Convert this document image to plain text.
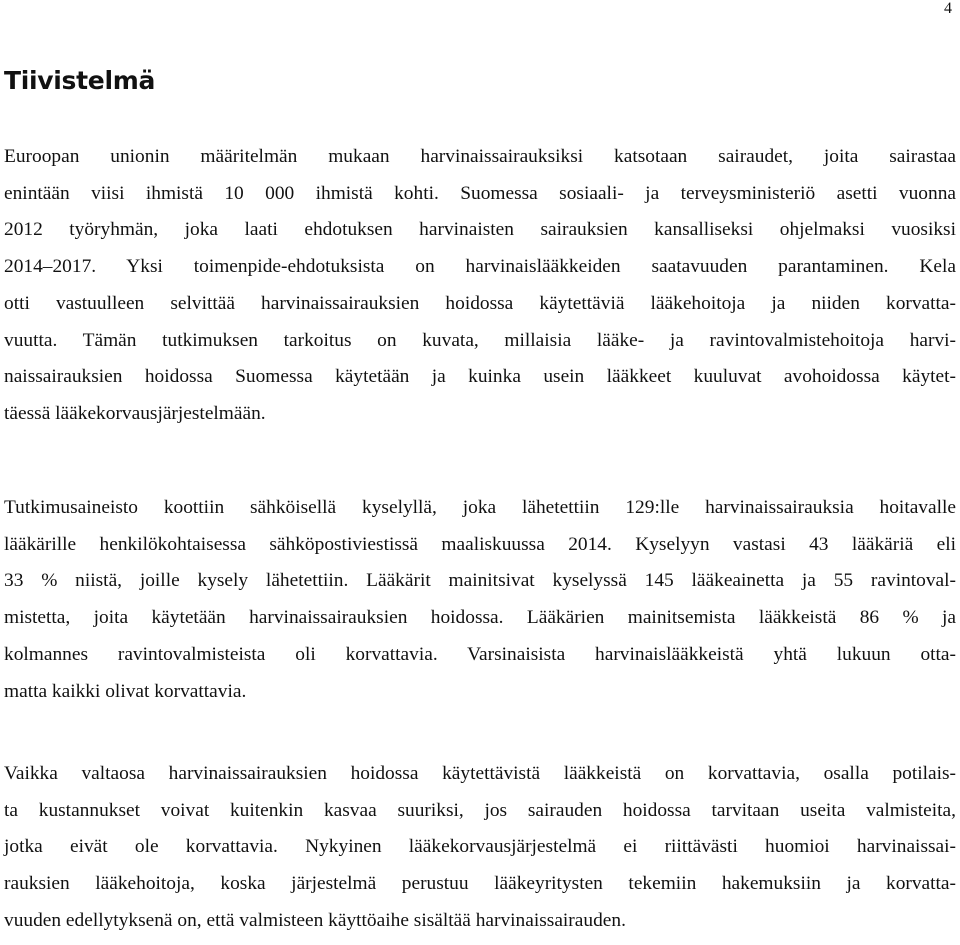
4
Tiivistelmä
Euroopan unionin määritelmän mukaan harvinaissairauksiksi katsotaan sairaudet, joita sairastaa
enintään viisi ihmistä 10 000 ihmistä kohti. Suomessa sosiaali- ja terveysministeriö asetti vuonna
2012 työryhmän, joka laati ehdotuksen harvinaisten sairauksien kansalliseksi ohjelmaksi vuosiksi
2014–2017. Yksi toimenpide-ehdotuksista on harvinaislääkkeiden saatavuuden parantaminen. Kela
otti vastuulleen selvittää harvinaissairauksien hoidossa käytettäviä lääkehoitoja ja niiden korvatta-
vuutta. Tämän tutkimuksen tarkoitus on kuvata, millaisia lääke- ja ravintovalmistehoitoja harvi-
naissairauksien hoidossa Suomessa käytetään ja kuinka usein lääkkeet kuuluvat avohoidossa käytet-
täessä lääkekorvausjärjestelmään.
Tutkimusaineisto koottiin sähköisellä kyselyllä, joka lähetettiin 129:lle harvinaissairauksia hoitavalle
lääkärille henkilökohtaisessa sähköpostiviestissä maaliskuussa 2014. Kyselyyn vastasi 43 lääkäriä eli
33 % niistä, joille kysely lähetettiin. Lääkärit mainitsivat kyselyssä 145 lääkeainetta ja 55 ravintoval-
mistetta, joita käytetään harvinaissairauksien hoidossa. Lääkärien mainitsemista lääkkeistä 86 % ja
kolmannes ravintovalmisteista oli korvattavia. Varsinaisista harvinaislääkkeistä yhtä lukuun otta-
matta kaikki olivat korvattavia.
Vaikka valtaosa harvinaissairauksien hoidossa käytettävistä lääkkeistä on korvattavia, osalla potilais-
ta kustannukset voivat kuitenkin kasvaa suuriksi, jos sairauden hoidossa tarvitaan useita valmisteita,
jotka eivät ole korvattavia. Nykyinen lääkekorvausjärjestelmä ei riittävästi huomioi harvinaissai-
rauksien lääkehoitoja, koska järjestelmä perustuu lääkeyritysten tekemiin hakemuksiin ja korvatta-
vuuden edellytyksenä on, että valmisteen käyttöaihe sisältää harvinaissairauden.
